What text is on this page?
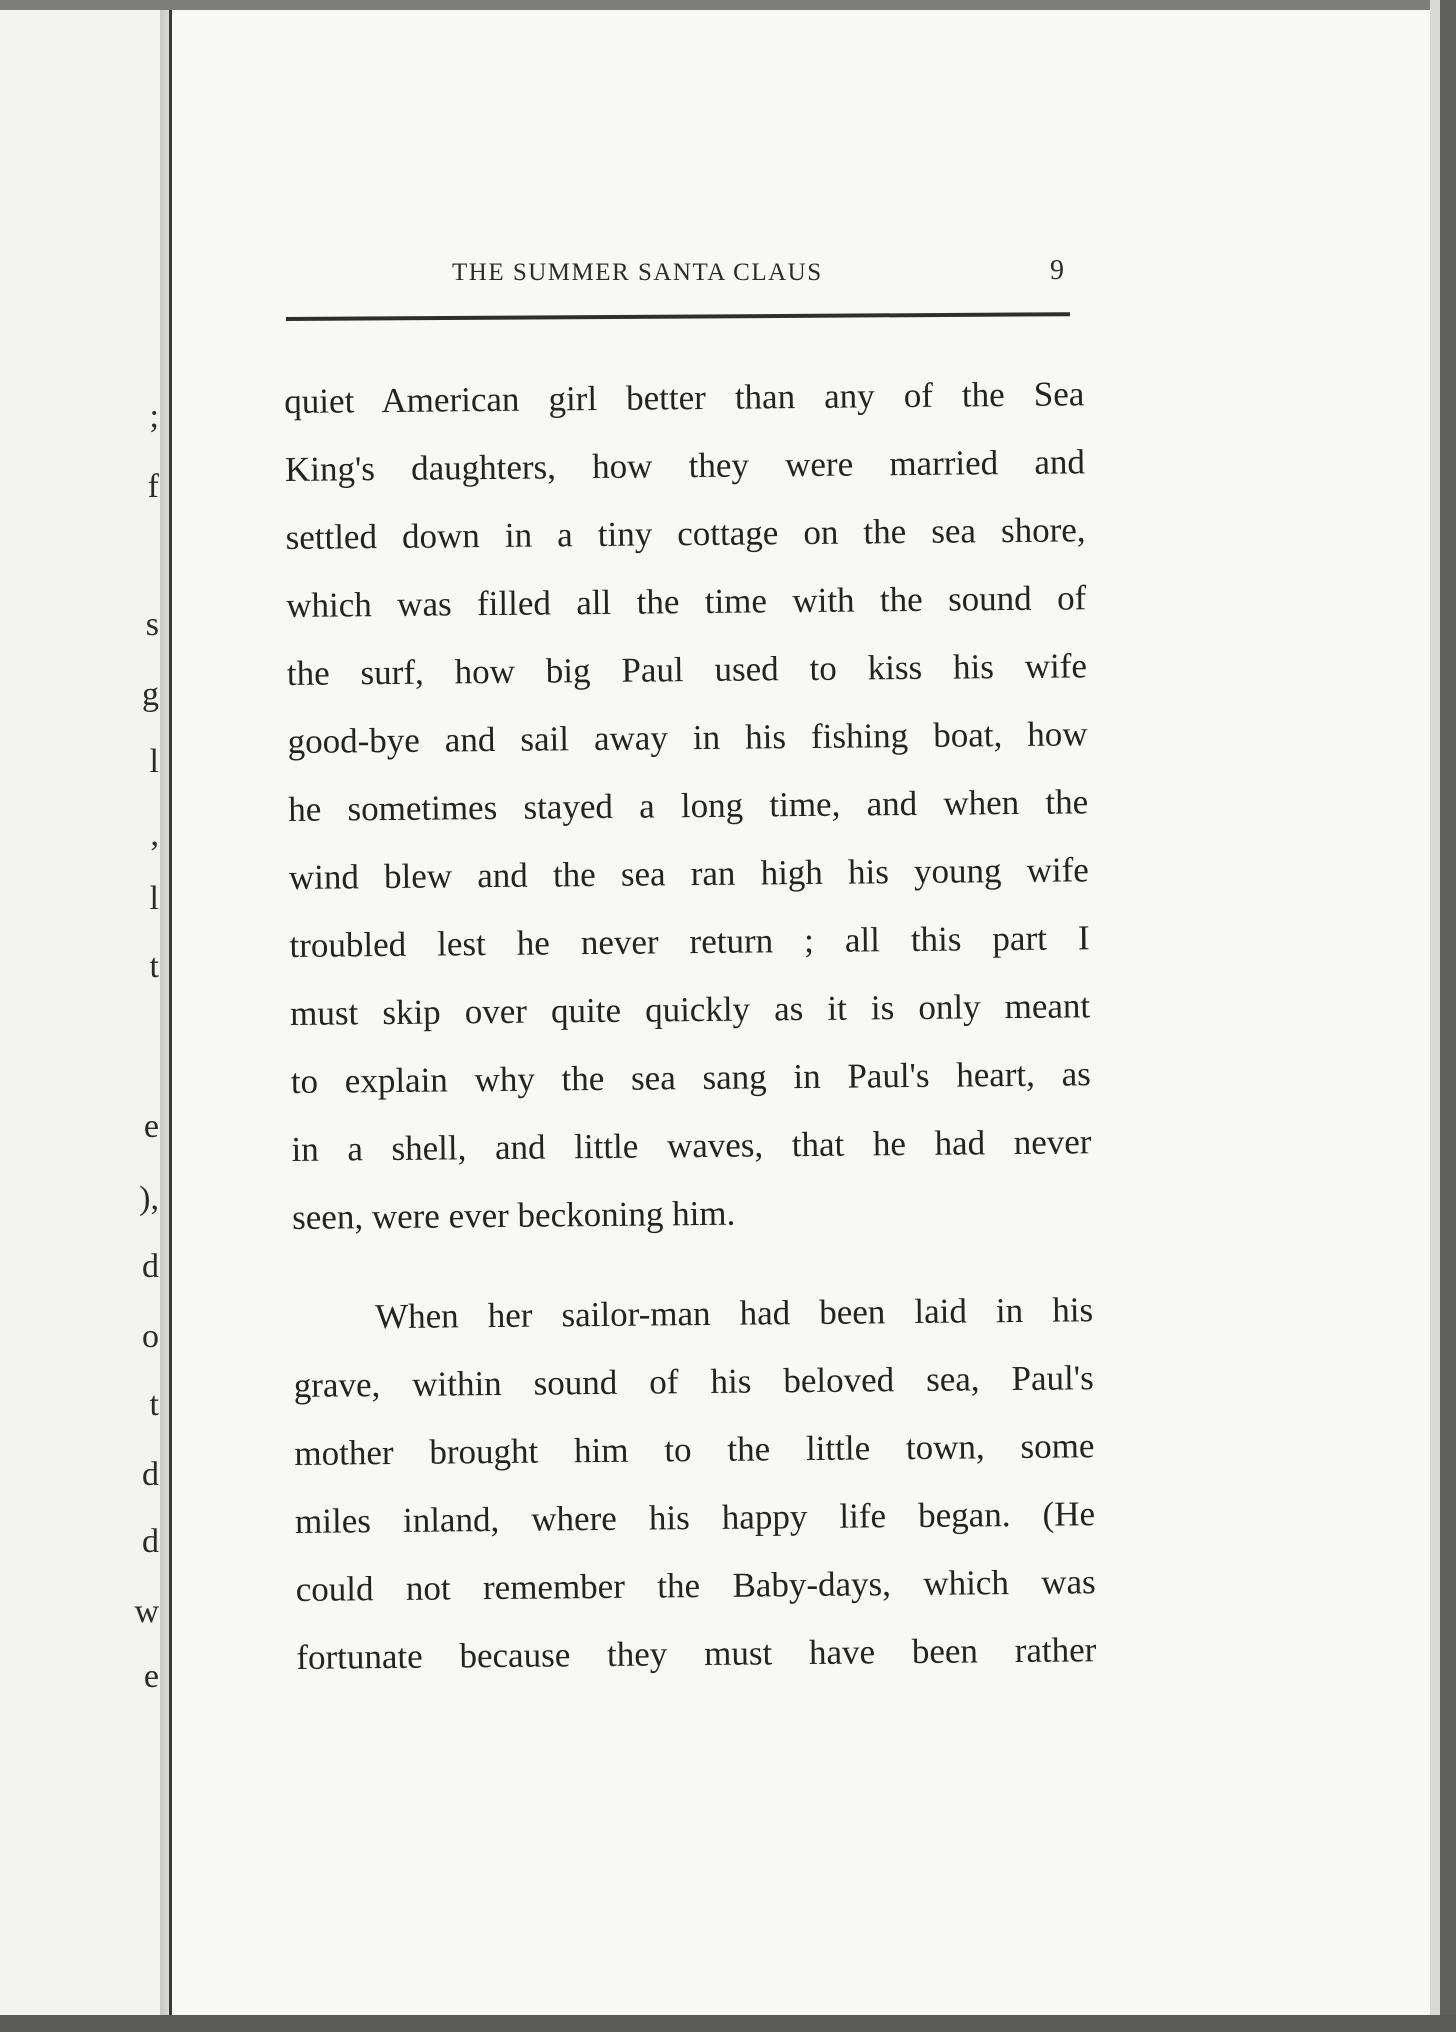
;
f
s
g
l
,
l
t
e
),
d
o
t
d
d
w
e
THE SUMMER SANTA CLAUS	9
quiet American girl better than any of the Sea
King's daughters, how they were married and
settled down in a tiny cottage on the sea shore,
which was filled all the time with the sound of
the surf, how big Paul used to kiss his wife
good-bye and sail away in his fishing boat, how
he sometimes stayed a long time, and when the
wind blew and the sea ran high his young wife
troubled lest he never return ; all this part I
must skip over quite quickly as it is only meant
to explain why the sea sang in Paul's heart, as
in a shell, and little waves, that he had never
seen, were ever beckoning him.
When her sailor-man had been laid in his
grave, within sound of his beloved sea, Paul's
mother brought him to the little town, some
miles inland, where his happy life began. (He
could not remember the Baby-days, which was
fortunate because they must have been rather
